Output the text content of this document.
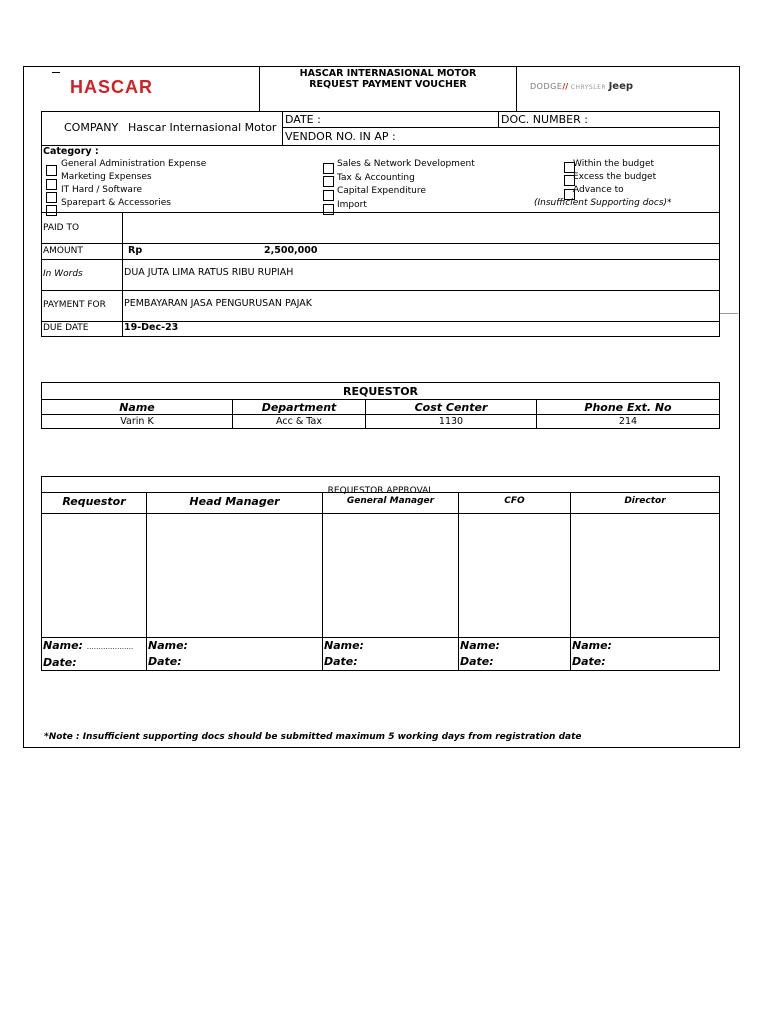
HASCAR
HASCAR INTERNASIONAL MOTOR
REQUEST PAYMENT VOUCHER	DODGE// CHRYSLER Jeep
COMPANY Hascar Internasional Motor
DATE :	DOC. NUMBER :
VENDOR NO. IN AP :
Category :
General Administration Expense
Marketing Expenses
IT Hard / Software
Sparepart & Accessories
Sales & Network Development
Tax & Accounting
Capital Expenditure
Import
Within the budget
Excess the budget
Advance to
(Insufficient Supporting docs)*
PAID TO
AMOUNT	Rp	2,500,000
In Words	DUA JUTA LIMA RATUS RIBU RUPIAH
PAYMENT FOR PEMBAYARAN JASA PENGURUSAN PAJAK
DUE DATE	19-Dec-23
REQUESTOR			
Name	Department	Cost Center	Phone Ext. No
Varin K	Acc & Tax	1130	214
REQUESTOR APPROVAL
Requestor	Head Manager	General Manager	CFO	Director
Name: ………………..
Date:
Name:
Date:
Name:
Date:
Name:
Date:
Name:
Date:
*Note : Insufficient supporting docs should be submitted maximum 5 working days from registration date
